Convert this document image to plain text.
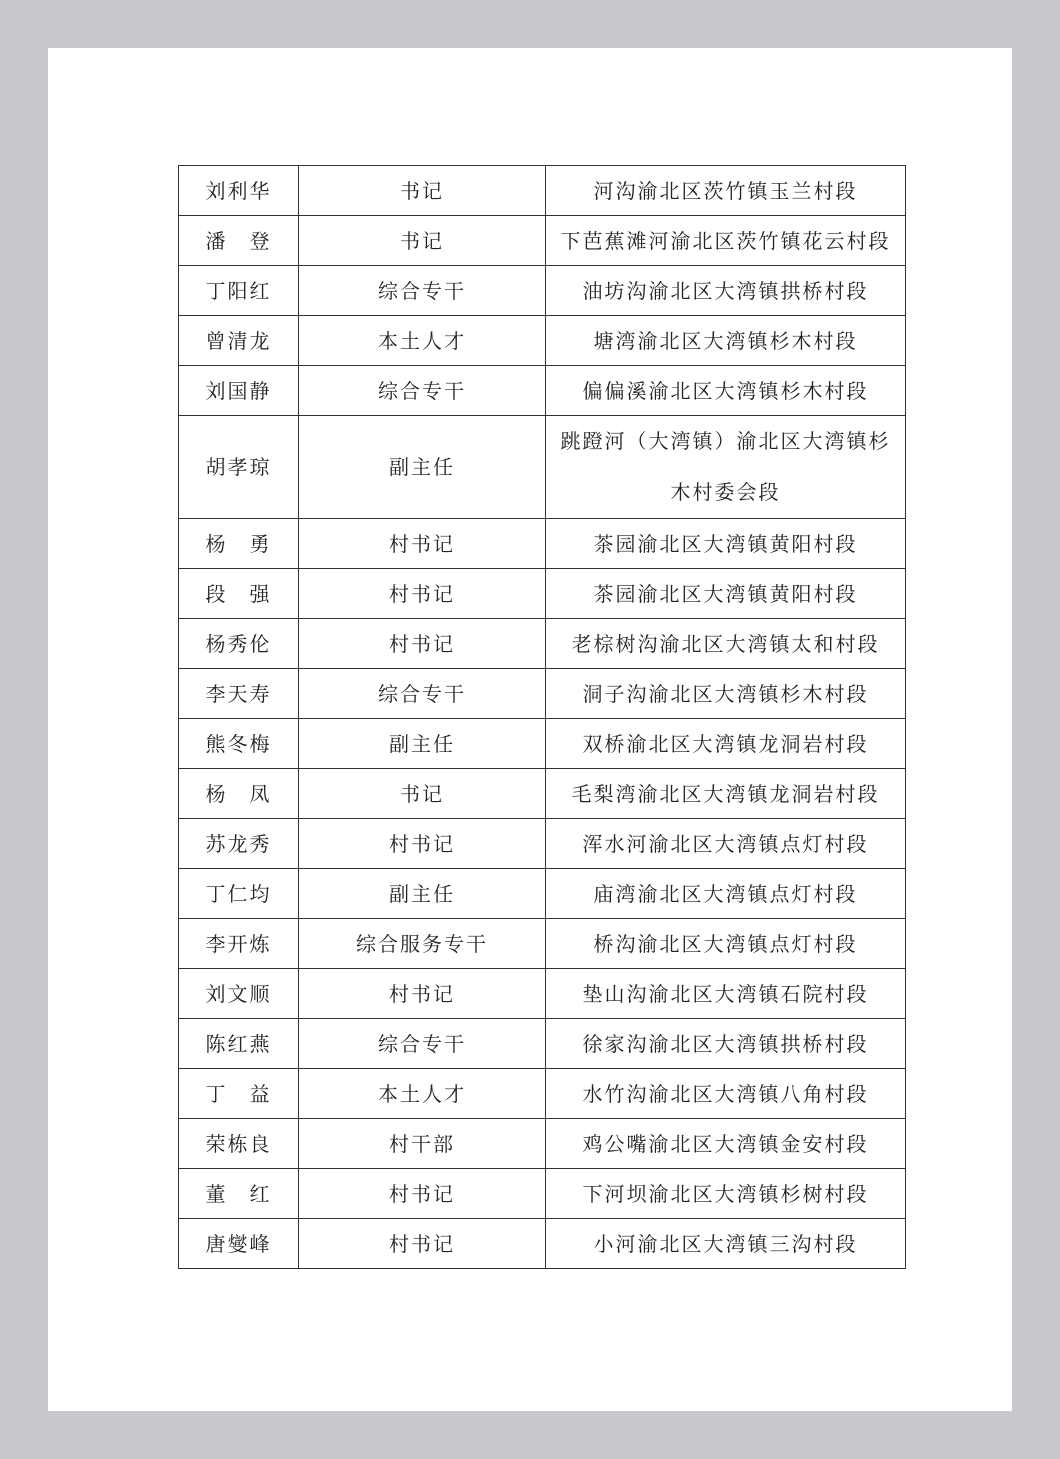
刘利华	书记	河沟渝北区茨竹镇玉兰村段
潘　登	书记	下芭蕉滩河渝北区茨竹镇花云村段
丁阳红	综合专干	油坊沟渝北区大湾镇拱桥村段
曾清龙	本土人才	塘湾渝北区大湾镇杉木村段
刘国静	综合专干	偏偏溪渝北区大湾镇杉木村段
胡孝琼	副主任	跳蹬河（大湾镇）渝北区大湾镇杉木村委会段
杨　勇	村书记	茶园渝北区大湾镇黄阳村段
段　强	村书记	茶园渝北区大湾镇黄阳村段
杨秀伦	村书记	老棕树沟渝北区大湾镇太和村段
李天寿	综合专干	洞子沟渝北区大湾镇杉木村段
熊冬梅	副主任	双桥渝北区大湾镇龙洞岩村段
杨　凤	书记	毛梨湾渝北区大湾镇龙洞岩村段
苏龙秀	村书记	浑水河渝北区大湾镇点灯村段
丁仁均	副主任	庙湾渝北区大湾镇点灯村段
李开炼	综合服务专干	桥沟渝北区大湾镇点灯村段
刘文顺	村书记	垫山沟渝北区大湾镇石院村段
陈红燕	综合专干	徐家沟渝北区大湾镇拱桥村段
丁　益	本土人才	水竹沟渝北区大湾镇八角村段
荣栋良	村干部	鸡公嘴渝北区大湾镇金安村段
董　红	村书记	下河坝渝北区大湾镇杉树村段
唐燮峰	村书记	小河渝北区大湾镇三沟村段
